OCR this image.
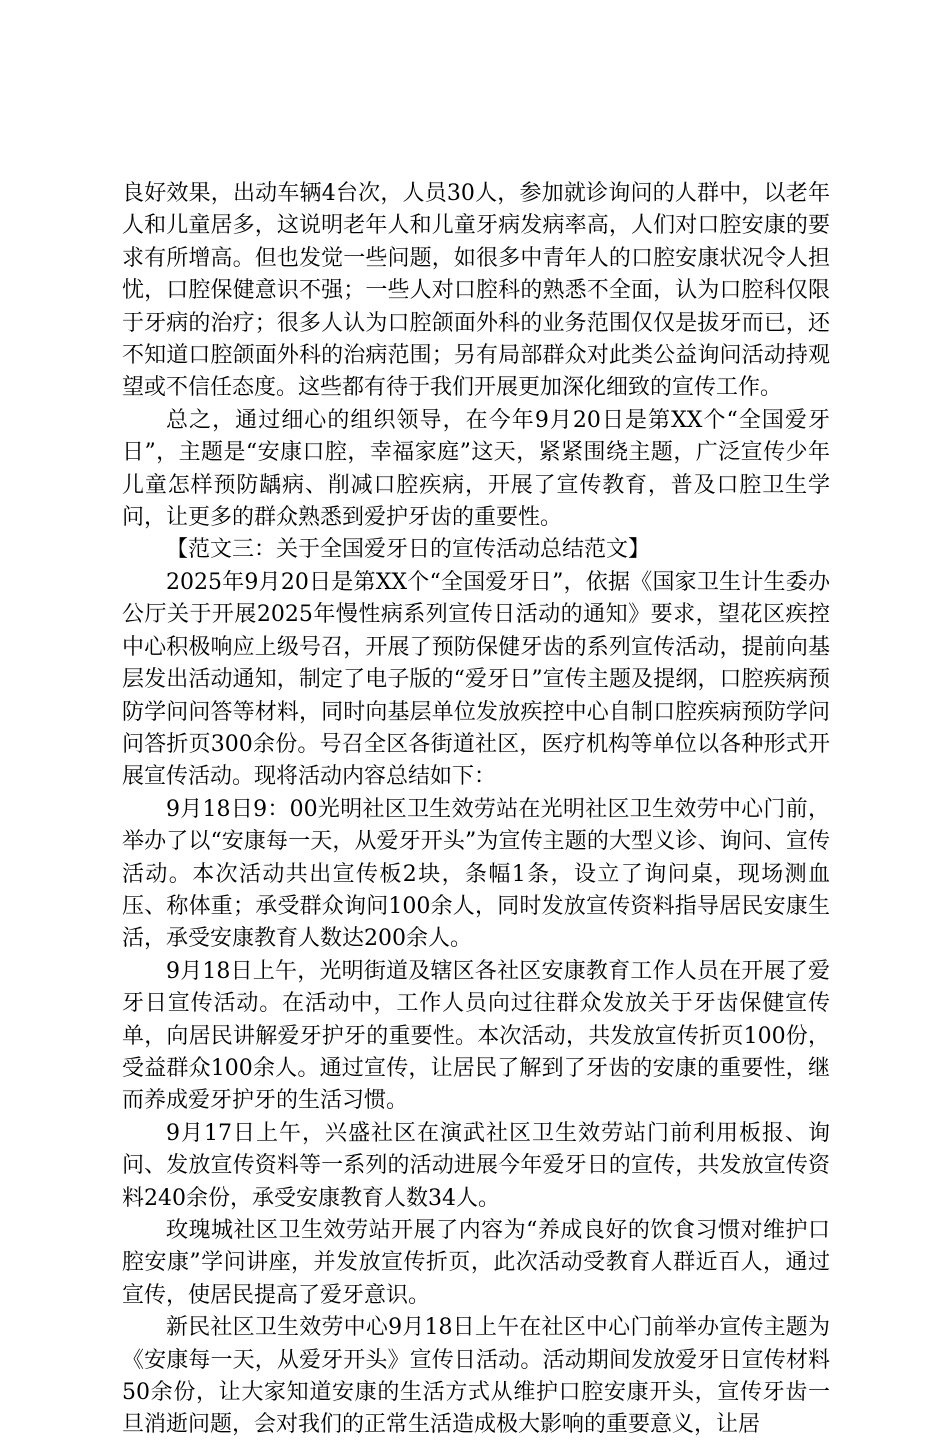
良好效果，出动车辆4台次，人员30人，参加就诊询问的人群中，以老年人和儿童居多，这说明老年人和儿童牙病发病率高，人们对口腔安康的要求有所增高。但也发觉一些问题，如很多中青年人的口腔安康状况令人担忧，口腔保健意识不强；一些人对口腔科的熟悉不全面，认为口腔科仅限于牙病的治疗；很多人认为口腔颌面外科的业务范围仅仅是拔牙而已，还不知道口腔颌面外科的治病范围；另有局部群众对此类公益询问活动持观望或不信任态度。这些都有待于我们开展更加深化细致的宣传工作。

总之，通过细心的组织领导，在今年9月20日是第XX个“全国爱牙日”，主题是“安康口腔，幸福家庭”这天，紧紧围绕主题，广泛宣传少年儿童怎样预防龋病、削减口腔疾病，开展了宣传教育，普及口腔卫生学问，让更多的群众熟悉到爱护牙齿的重要性。

【范文三：关于全国爱牙日的宣传活动总结范文】

2025年9月20日是第XX个“全国爱牙日”，依据《国家卫生计生委办公厅关于开展2025年慢性病系列宣传日活动的通知》要求，望花区疾控中心积极响应上级号召，开展了预防保健牙齿的系列宣传活动，提前向基层发出活动通知，制定了电子版的“爱牙日”宣传主题及提纲，口腔疾病预防学问问答等材料，同时向基层单位发放疾控中心自制口腔疾病预防学问问答折页300余份。号召全区各街道社区，医疗机构等单位以各种形式开展宣传活动。现将活动内容总结如下：

9月18日9：00光明社区卫生效劳站在光明社区卫生效劳中心门前，举办了以“安康每一天，从爱牙开头”为宣传主题的大型义诊、询问、宣传活动。本次活动共出宣传板2块，条幅1条，设立了询问桌，现场测血压、称体重；承受群众询问100余人，同时发放宣传资料指导居民安康生活，承受安康教育人数达200余人。

9月18日上午，光明街道及辖区各社区安康教育工作人员在开展了爱牙日宣传活动。在活动中，工作人员向过往群众发放关于牙齿保健宣传单，向居民讲解爱牙护牙的重要性。本次活动，共发放宣传折页100份，受益群众100余人。通过宣传，让居民了解到了牙齿的安康的重要性，继而养成爱牙护牙的生活习惯。

9月17日上午，兴盛社区在演武社区卫生效劳站门前利用板报、询问、发放宣传资料等一系列的活动进展今年爱牙日的宣传，共发放宣传资料240余份，承受安康教育人数34人。

玫瑰城社区卫生效劳站开展了内容为“养成良好的饮食习惯对维护口腔安康”学问讲座，并发放宣传折页，此次活动受教育人群近百人，通过宣传，使居民提高了爱牙意识。

新民社区卫生效劳中心9月18日上午在社区中心门前举办宣传主题为《安康每一天，从爱牙开头》宣传日活动。活动期间发放爱牙日宣传材料50余份，让大家知道安康的生活方式从维护口腔安康开头，宣传牙齿一旦消逝问题，会对我们的正常生活造成极大影响的重要意义，让居
